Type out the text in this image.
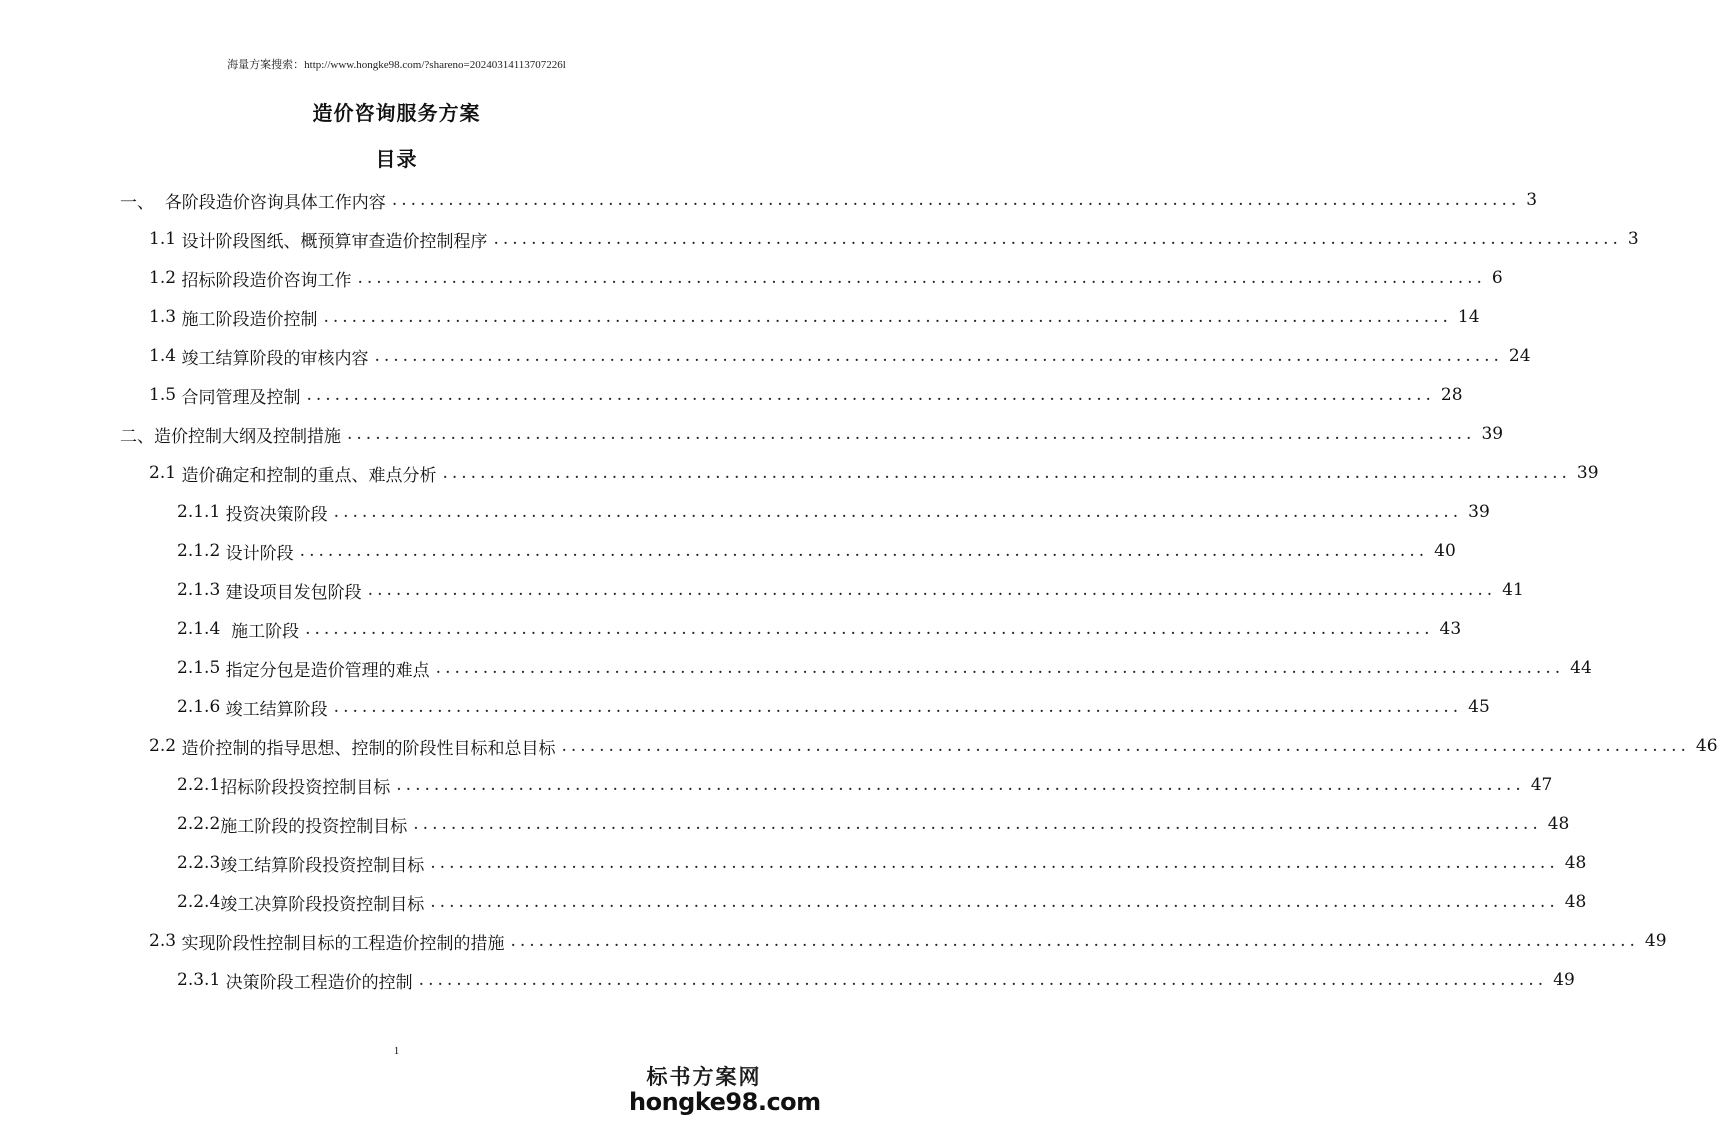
海量方案搜索：http://www.hongke98.com/?shareno=20240314113707226l
造价咨询服务方案
目录
一、 各阶段造价咨询具体工作内容 ........................................................................................................................ 3
1.1 设计阶段图纸、概预算审查造价控制程序 ........................................................................................................................ 3
1.2 招标阶段造价咨询工作 ........................................................................................................................ 6
1.3 施工阶段造价控制 ........................................................................................................................ 14
1.4 竣工结算阶段的审核内容 ........................................................................................................................ 24
1.5 合同管理及控制 ........................................................................................................................ 28
二、 造价控制大纲及控制措施 ........................................................................................................................ 39
2.1 造价确定和控制的重点、难点分析 ........................................................................................................................ 39
2.1.1 投资决策阶段 ........................................................................................................................ 39
2.1.2 设计阶段 ........................................................................................................................ 40
2.1.3 建设项目发包阶段 ........................................................................................................................ 41
2.1.4 施工阶段 ........................................................................................................................ 43
2.1.5 指定分包是造价管理的难点 ........................................................................................................................ 44
2.1.6 竣工结算阶段 ........................................................................................................................ 45
2.2 造价控制的指导思想、控制的阶段性目标和总目标 ........................................................................................................................ 46
2.2.1 招标阶段投资控制目标 ........................................................................................................................ 47
2.2.2 施工阶段的投资控制目标 ........................................................................................................................ 48
2.2.3 竣工结算阶段投资控制目标 ........................................................................................................................ 48
2.2.4 竣工决算阶段投资控制目标 ........................................................................................................................ 48
2.3 实现阶段性控制目标的工程造价控制的措施 ........................................................................................................................ 49
2.3.1 决策阶段工程造价的控制 ........................................................................................................................ 49
1
标书方案网
hongke98.com
